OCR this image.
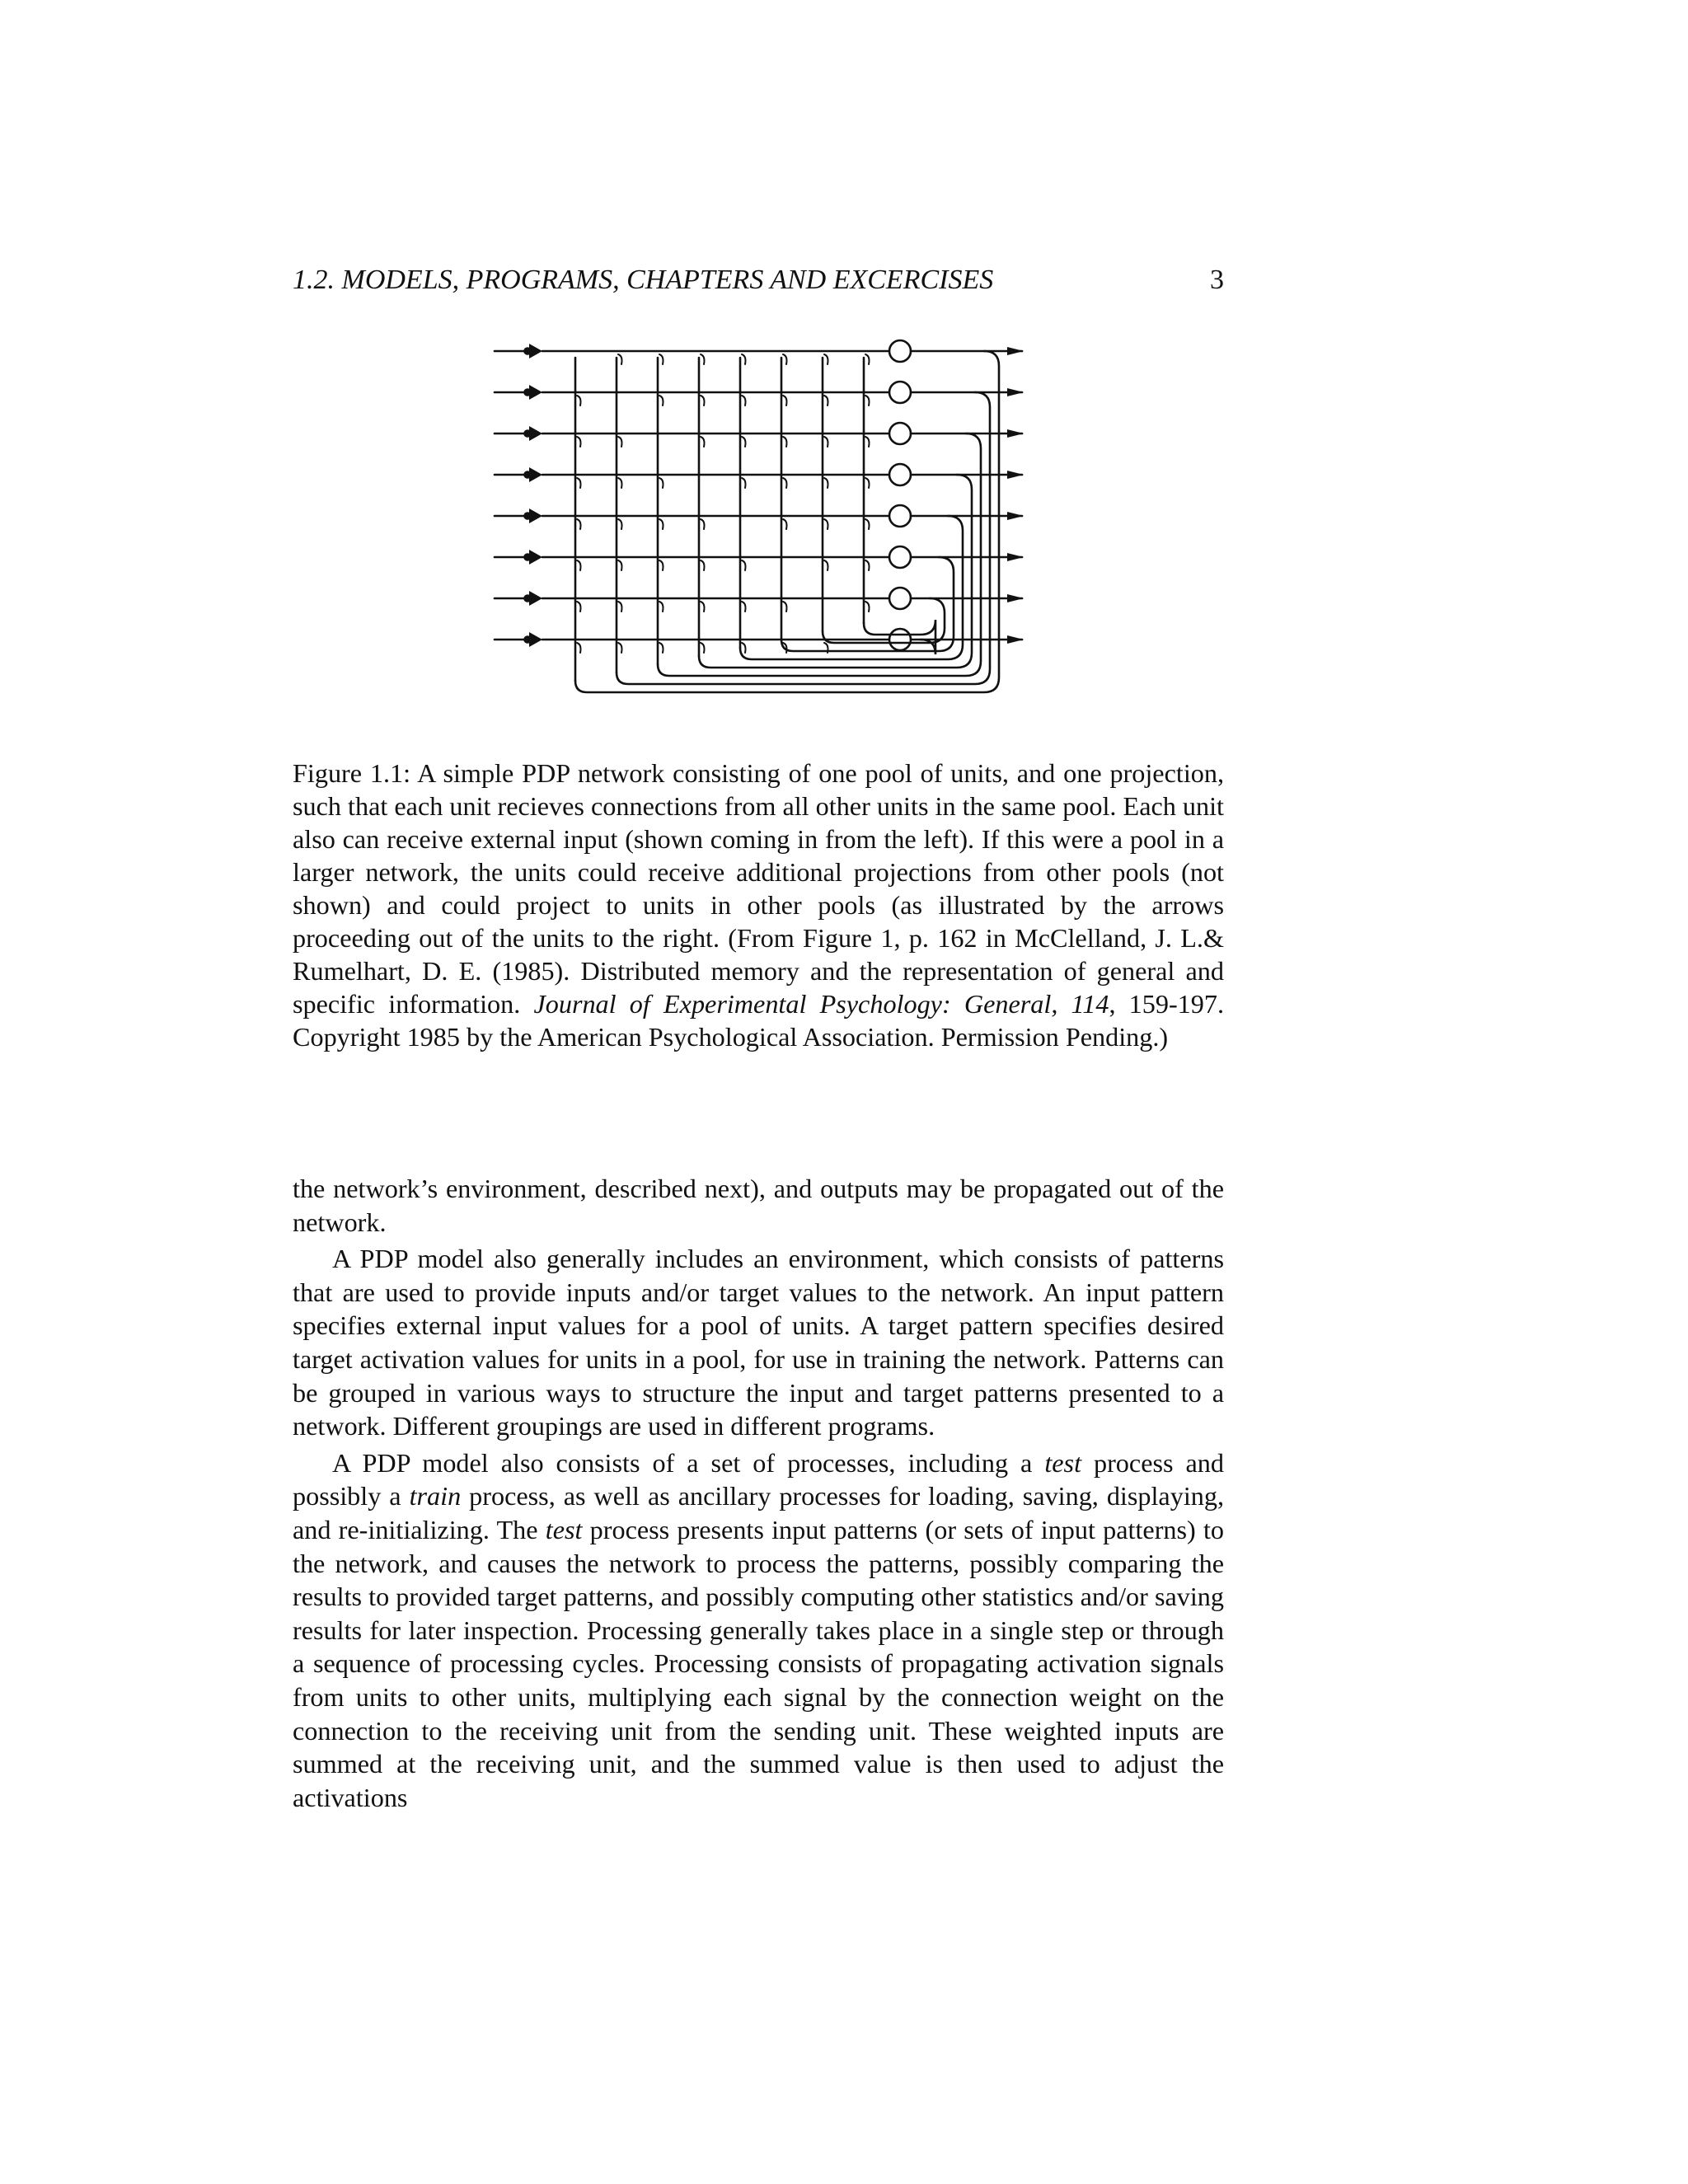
1.2. MODELS, PROGRAMS, CHAPTERS AND EXCERCISES	3
Figure 1.1: A simple PDP network consisting of one pool of units, and one projection, such that each unit recieves connections from all other units in the same pool. Each unit also can receive external input (shown coming in from the left). If this were a pool in a larger network, the units could receive additional projections from other pools (not shown) and could project to units in other pools (as illustrated by the arrows proceeding out of the units to the right. (From Figure 1, p. 162 in McClelland, J. L.& Rumelhart, D. E. (1985). Distributed memory and the representation of general and specific information. Journal of Experimental Psychology: General, 114, 159-197. Copyright 1985 by the American Psychological Association. Permission Pending.)

the network’s environment, described next), and outputs may be propagated out of the network.

A PDP model also generally includes an environment, which consists of patterns that are used to provide inputs and/or target values to the network. An input pattern specifies external input values for a pool of units. A target pattern specifies desired target activation values for units in a pool, for use in training the network. Patterns can be grouped in various ways to structure the input and target patterns presented to a network. Different groupings are used in different programs.

A PDP model also consists of a set of processes, including a test process and possibly a train process, as well as ancillary processes for loading, saving, displaying, and re-initializing. The test process presents input patterns (or sets of input patterns) to the network, and causes the network to process the patterns, possibly comparing the results to provided target patterns, and possibly computing other statistics and/or saving results for later inspection. Processing generally takes place in a single step or through a sequence of processing cycles. Processing consists of propagating activation signals from units to other units, multiplying each signal by the connection weight on the connection to the receiving unit from the sending unit. These weighted inputs are summed at the receiving unit, and the summed value is then used to adjust the activations
